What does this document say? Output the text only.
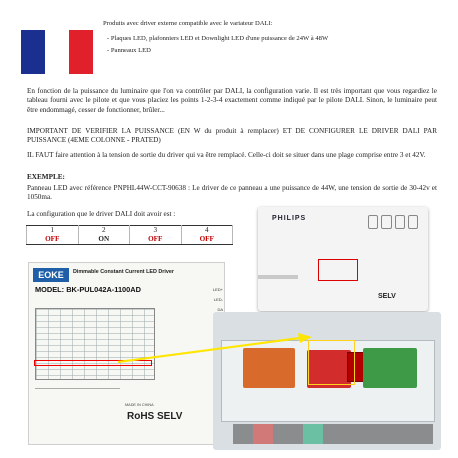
Produits avec driver externe compatible avec le variateur DALI:
- Plaques LED, plafonniers LED et Downlight LED d'une puissance de 24W à 48W
- Panneaux LED

En fonction de la puissance du luminaire que l'on va contrôler par DALI, la configuration varie. Il est très important que vous regardiez le tableau fourni avec le pilote et que vous placiez les points 1-2-3-4 exactement comme indiqué par le pilote DALI. Sinon, le luminaire peut être endommagé, cesser de fonctionner, brûler...

IMPORTANT DE VERIFIER LA PUISSANCE (EN W du produit à remplacer) ET DE CONFIGURER LE DRIVER DALI PAR PUISSANCE (4EME COLONNE - PRATED)

IL FAUT faire attention à la tension de sortie du driver qui va être remplacé. Celle-ci doit se situer dans une plage comprise entre 3 et 42V.

EXEMPLE:

Panneau LED avec référence PNPHL44W-CCT-90638 : Le driver de ce panneau a une puissance de 44W, une tension de sortie de 30-42v et 1050ma.

La configuration que le driver DALI doit avoir est :

1	2	3	4
OFF	ON	OFF	OFF
PHILIPS
SELV
EOKE	Dimmable Constant Current LED Driver
MODEL: BK-PUL042A-1100AD	LED+
LED-
DA
MADE IN CHINA
RoHS SELV
